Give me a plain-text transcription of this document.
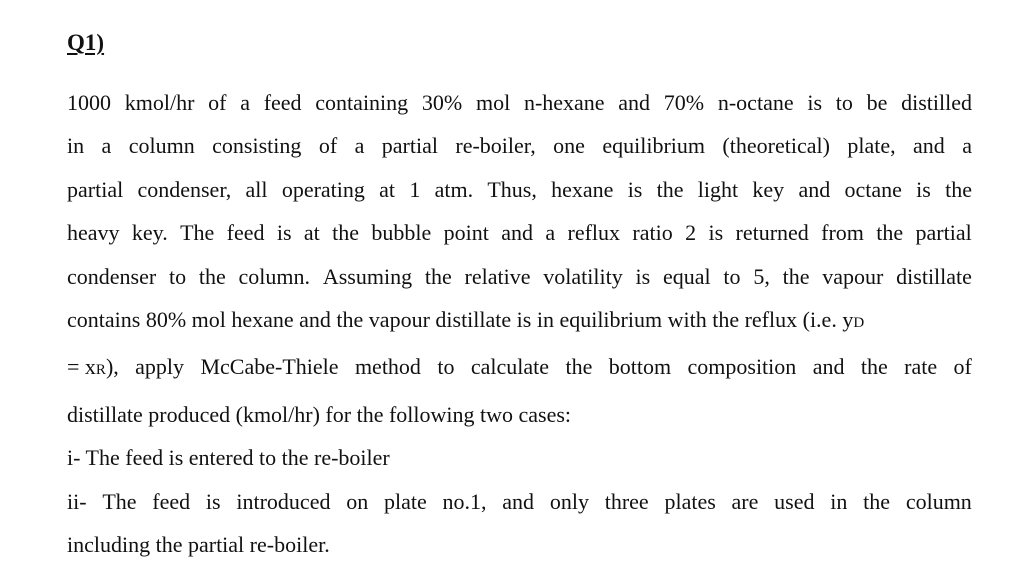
Q1)
1000 kmol/hr of a feed containing 30% mol n-hexane and 70% n-octane is to be distilled
in a column consisting of a partial re-boiler, one equilibrium (theoretical) plate, and a
partial condenser, all operating at 1 atm. Thus, hexane is the light key and octane is the
heavy key. The feed is at the bubble point and a reflux ratio 2 is returned from the partial
condenser to the column. Assuming the relative volatility is equal to 5, the vapour distillate
contains 80% mol hexane and the vapour distillate is in equilibrium with the reflux (i.e. yD
= xR ), apply McCabe-Thiele method to calculate the bottom composition and the rate of
distillate produced (kmol/hr) for the following two cases:
i- The feed is entered to the re-boiler
ii- The feed is introduced on plate no.1, and only three plates are used in the column
including the partial re-boiler.
